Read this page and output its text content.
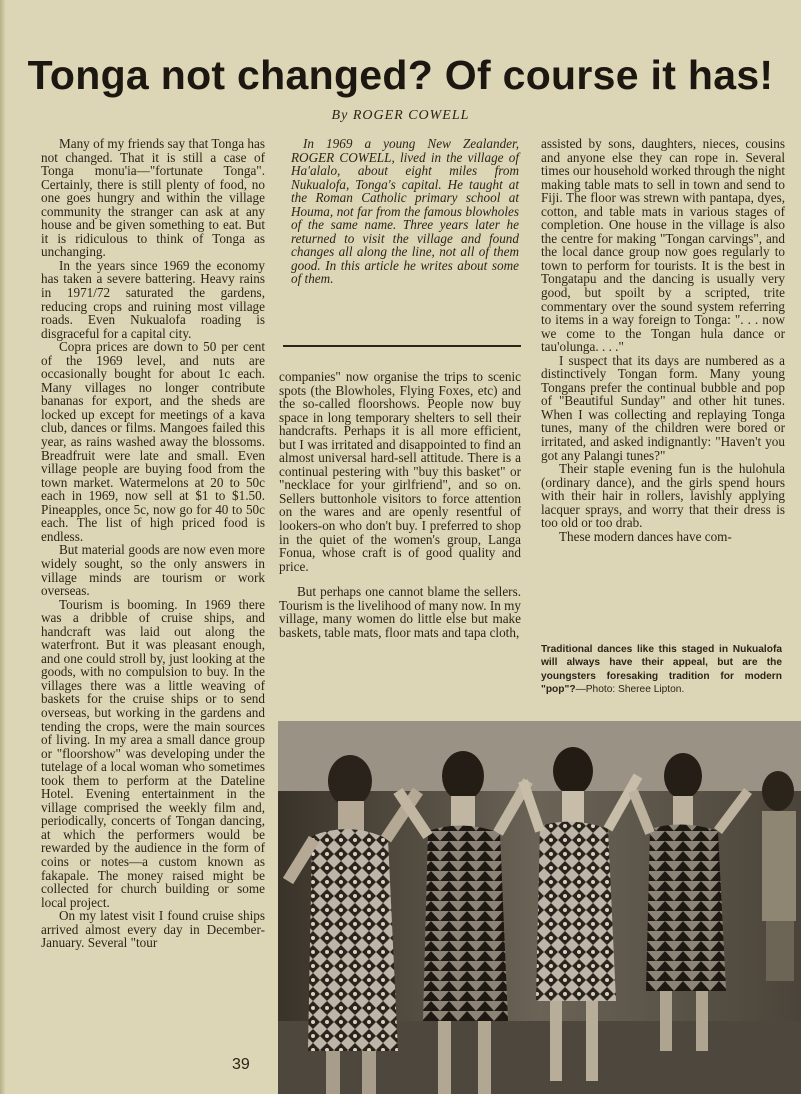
Tonga not changed? Of course it has!
By ROGER COWELL

Many of my friends say that Tonga has not changed. That it is still a case of Tonga monu'ia—"fortunate Tonga". Certainly, there is still plenty of food, no one goes hungry and within the village community the stranger can ask at any house and be given something to eat. But it is ridiculous to think of Tonga as unchanging.

In the years since 1969 the economy has taken a severe battering. Heavy rains in 1971/72 saturated the gardens, reducing crops and ruining most village roads. Even Nukualofa roading is disgraceful for a capital city.

Copra prices are down to 50 per cent of the 1969 level, and nuts are occasionally bought for about 1c each. Many villages no longer contribute bananas for export, and the sheds are locked up except for meetings of a kava club, dances or films. Mangoes failed this year, as rains washed away the blossoms. Breadfruit were late and small. Even village people are buying food from the town market. Watermelons at 20 to 50c each in 1969, now sell at $1 to $1.50. Pineapples, once 5c, now go for 40 to 50c each. The list of high priced food is endless.

But material goods are now even more widely sought, so the only answers in village minds are tourism or work overseas.

Tourism is booming. In 1969 there was a dribble of cruise ships, and handcraft was laid out along the waterfront. But it was pleasant enough, and one could stroll by, just looking at the goods, with no compulsion to buy. In the villages there was a little weaving of baskets for the cruise ships or to send overseas, but working in the gardens and tending the crops, were the main sources of living. In my area a small dance group or "floorshow" was developing under the tutelage of a local woman who sometimes took them to perform at the Dateline Hotel. Evening entertainment in the village comprised the weekly film and, periodically, concerts of Tongan dancing, at which the performers would be rewarded by the audience in the form of coins or notes—a custom known as fakapale. The money raised might be collected for church building or some local project.

On my latest visit I found cruise ships arrived almost every day in December-January. Several "tour

In 1969 a young New Zealander, ROGER COWELL, lived in the village of Ha'alalo, about eight miles from Nukualofa, Tonga's capital. He taught at the Roman Catholic primary school at Houma, not far from the famous blowholes of the same name. Three years later he returned to visit the village and found changes all along the line, not all of them good. In this article he writes about some of them.

companies" now organise the trips to scenic spots (the Blowholes, Flying Foxes, etc) and the so-called floorshows. People now buy space in long temporary shelters to sell their handcrafts. Perhaps it is all more efficient, but I was irritated and disappointed to find an almost universal hard-sell attitude. There is a continual pestering with "buy this basket" or "necklace for your girlfriend", and so on. Sellers buttonhole visitors to force attention on the wares and are openly resentful of lookers-on who don't buy. I preferred to shop in the quiet of the women's group, Langa Fonua, whose craft is of good quality and price.

But perhaps one cannot blame the sellers. Tourism is the livelihood of many now. In my village, many women do little else but make baskets, table mats, floor mats and tapa cloth,

assisted by sons, daughters, nieces, cousins and anyone else they can rope in. Several times our household worked through the night making table mats to sell in town and send to Fiji. The floor was strewn with pantapa, dyes, cotton, and table mats in various stages of completion. One house in the village is also the centre for making "Tongan carvings", and the local dance group now goes regularly to town to perform for tourists. It is the best in Tongatapu and the dancing is usually very good, but spoilt by a scripted, trite commentary over the sound system referring to items in a way foreign to Tonga: ". . . now we come to the Tongan hula dance or tau'olunga. . . ."

I suspect that its days are numbered as a distinctively Tongan form. Many young Tongans prefer the continual bubble and pop of "Beautiful Sunday" and other hit tunes. When I was collecting and replaying Tonga tunes, many of the children were bored or irritated, and asked indignantly: "Haven't you got any Palangi tunes?"

Their staple evening fun is the hulohula (ordinary dance), and the girls spend hours with their hair in rollers, lavishly applying lacquer sprays, and worry that their dress is too old or too drab.

These modern dances have com-

Traditional dances like this staged in Nukualofa will always have their appeal, but are the youngsters foresaking tradition for modern "pop"?—Photo: Sheree Lipton.
39
